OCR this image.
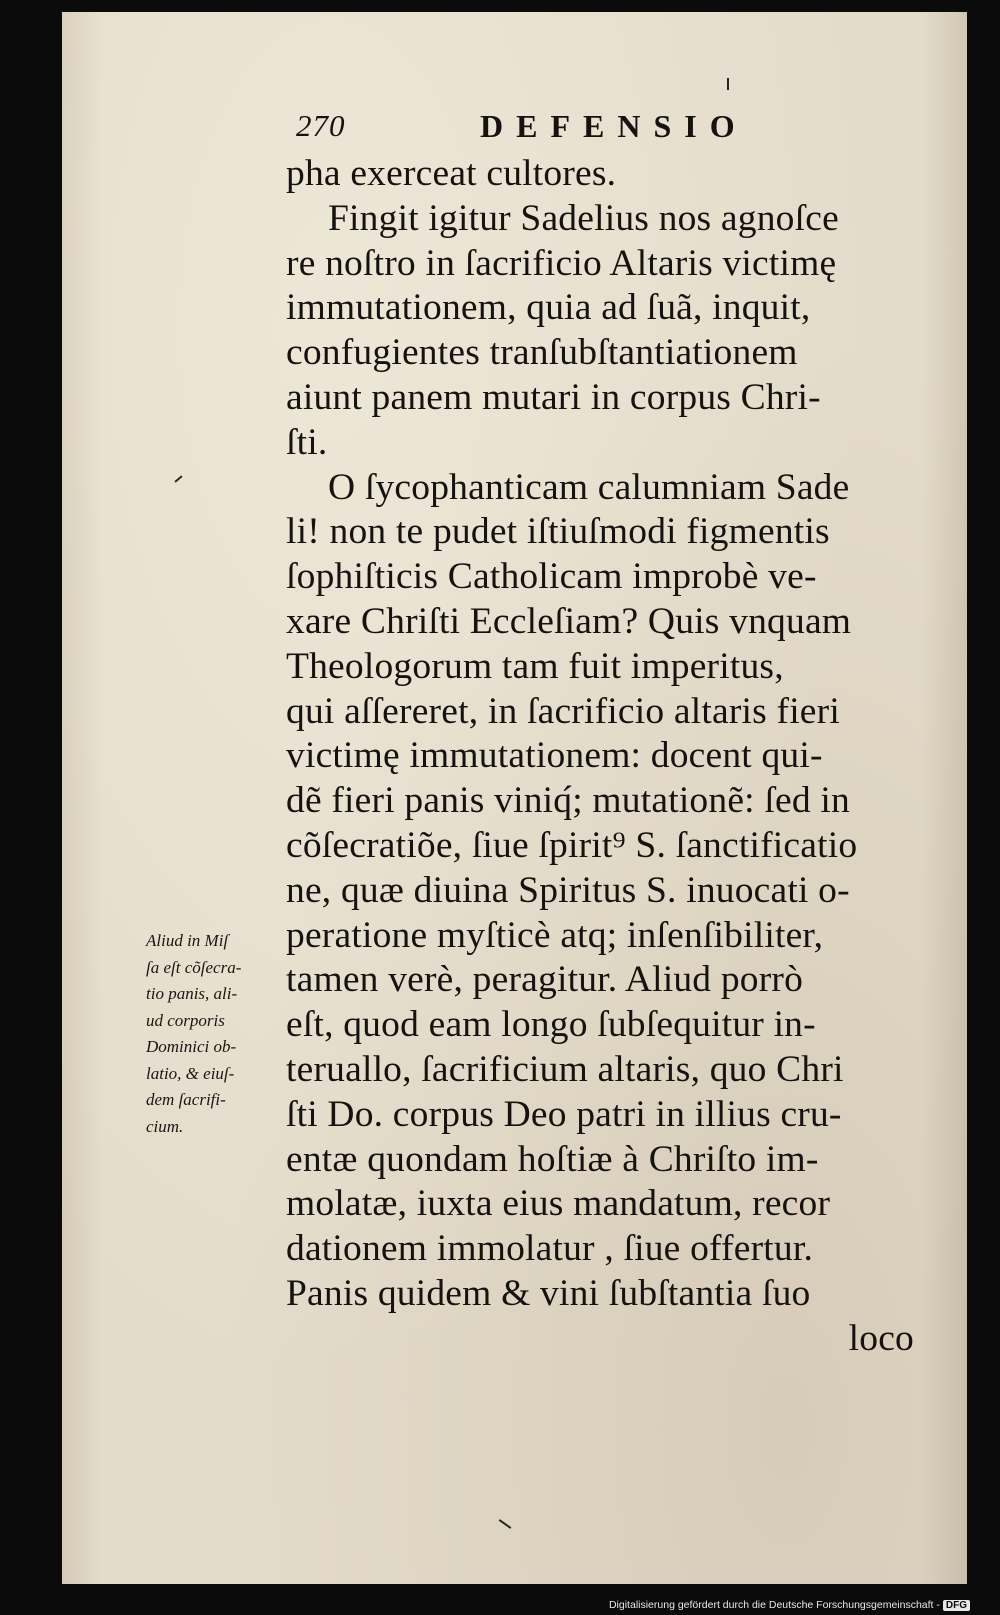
270	DEFENSIO
pha exerceat cultores.
Fingit igitur Sadelius nos agnoſce
re noſtro in ſacrificio Altaris victimę
immutationem, quia ad ſuã, inquit,
confugientes tranſubſtantiationem
aiunt panem mutari in corpus Chri-
ſti.
O ſycophanticam calumniam Sade
li! non te pudet iſtiuſmodi figmentis
ſophiſticis Catholicam improbè ve-
xare Chriſti Eccleſiam? Quis vnquam
Theologorum tam fuit imperitus,
qui aſſereret, in ſacrificio altaris fieri
victimę immutationem: docent qui-
dẽ fieri panis viniq́; mutationẽ: ſed in
cõſecratiõe, ſiue ſpirit⁹ S. ſanctificatio
ne, quæ diuina Spiritus S. inuocati o-
peratione myſticè atq; inſenſibiliter,
tamen verè, peragitur. Aliud porrò
eſt, quod eam longo ſubſequitur in-
teruallo, ſacrificium altaris, quo Chri
ſti Do. corpus Deo patri in illius cru-
entæ quondam hoſtiæ à Chriſto im-
molatæ, iuxta eius mandatum, recor
dationem immolatur , ſiue offertur.
Panis quidem & vini ſubſtantia ſuo
loco
Aliud in Miſ
ſa eſt cõſecra-
tio panis, ali-
ud corporis
Dominici ob-
latio, & eiuſ-
dem ſacrifi-
cium.
Digitalisierung gefördert durch die Deutsche Forschungsgemeinschaft - DFG
